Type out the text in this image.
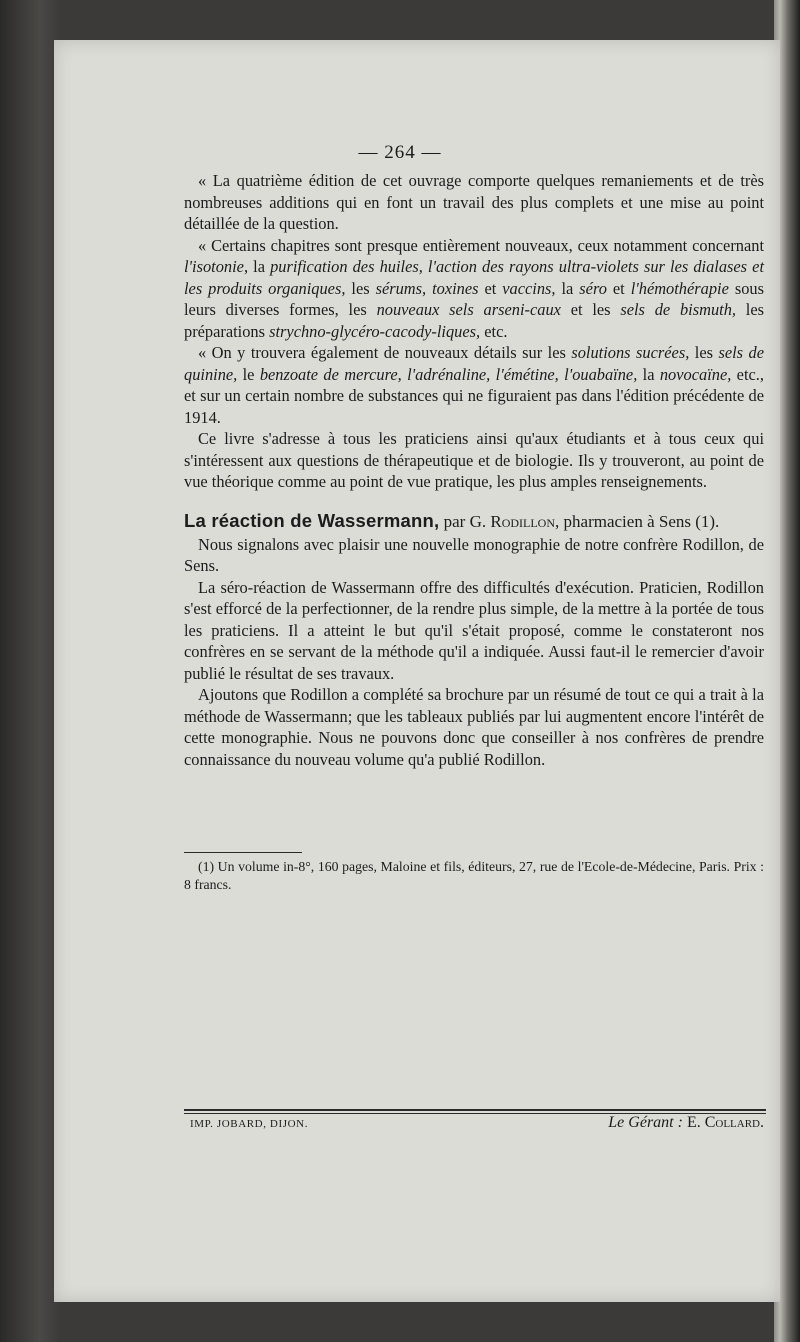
— 264 —

« La quatrième édition de cet ouvrage comporte quelques remaniements et de très nombreuses additions qui en font un travail des plus complets et une mise au point détaillée de la question.

« Certains chapitres sont presque entièrement nouveaux, ceux notamment concernant l'isotonie, la purification des huiles, l'action des rayons ultra-violets sur les dialases et les produits organiques, les sérums, toxines et vaccins, la séro et l'hémothérapie sous leurs diverses formes, les nouveaux sels arseni-caux et les sels de bismuth, les préparations strychno-glycéro-cacody-liques, etc.

« On y trouvera également de nouveaux détails sur les solutions sucrées, les sels de quinine, le benzoate de mercure, l'adrénaline, l'émétine, l'ouabaïne, la novocaïne, etc., et sur un certain nombre de substances qui ne figuraient pas dans l'édition précédente de 1914.

Ce livre s'adresse à tous les praticiens ainsi qu'aux étudiants et à tous ceux qui s'intéressent aux questions de thérapeutique et de biologie. Ils y trouveront, au point de vue théorique comme au point de vue pratique, les plus amples renseignements.

La réaction de Wassermann, par G. Rodillon, pharmacien à Sens (1).

Nous signalons avec plaisir une nouvelle monographie de notre confrère Rodillon, de Sens.

La séro-réaction de Wassermann offre des difficultés d'exécution. Praticien, Rodillon s'est efforcé de la perfectionner, de la rendre plus simple, de la mettre à la portée de tous les praticiens. Il a atteint le but qu'il s'était proposé, comme le constateront nos confrères en se servant de la méthode qu'il a indiquée. Aussi faut-il le remercier d'avoir publié le résultat de ses travaux.

Ajoutons que Rodillon a complété sa brochure par un résumé de tout ce qui a trait à la méthode de Wassermann; que les tableaux publiés par lui augmentent encore l'intérêt de cette monographie. Nous ne pouvons donc que conseiller à nos confrères de prendre connaissance du nouveau volume qu'a publié Rodillon.

(1) Un volume in-8°, 160 pages, Maloine et fils, éditeurs, 27, rue de l'Ecole-de-Médecine, Paris. Prix : 8 francs.

IMP. JOBARD, DIJON.	Le Gérant : E. Collard.
